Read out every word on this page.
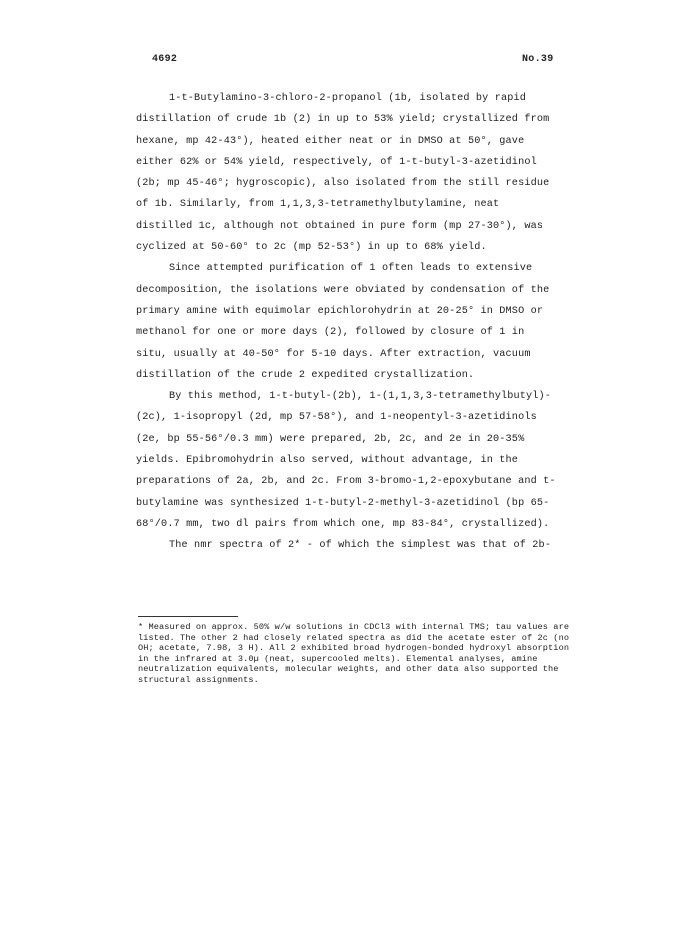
4692	No.39

1-t-Butylamino-3-chloro-2-propanol (1b, isolated by rapid distillation of crude 1b (2) in up to 53% yield; crystallized from hexane, mp 42-43°), heated either neat or in DMSO at 50°, gave either 62% or 54% yield, respectively, of 1-t-butyl-3-azetidinol (2b; mp 45-46°; hygroscopic), also isolated from the still residue of 1b. Similarly, from 1,1,3,3-tetramethylbutylamine, neat distilled 1c, although not obtained in pure form (mp 27-30°), was cyclized at 50-60° to 2c (mp 52-53°) in up to 68% yield.

Since attempted purification of 1 often leads to extensive decomposition, the isolations were obviated by condensation of the primary amine with equimolar epichlorohydrin at 20-25° in DMSO or methanol for one or more days (2), followed by closure of 1 in situ, usually at 40-50° for 5-10 days. After extraction, vacuum distillation of the crude 2 expedited crystallization.

By this method, 1-t-butyl-(2b), 1-(1,1,3,3-tetramethylbutyl)-(2c), 1-isopropyl (2d, mp 57-58°), and 1-neopentyl-3-azetidinols (2e, bp 55-56°/0.3 mm) were prepared, 2b, 2c, and 2e in 20-35% yields. Epibromohydrin also served, without advantage, in the preparations of 2a, 2b, and 2c. From 3-bromo-1,2-epoxybutane and t-butylamine was synthesized 1-t-butyl-2-methyl-3-azetidinol (bp 65-68°/0.7 mm, two dl pairs from which one, mp 83-84°, crystallized).

The nmr spectra of 2* - of which the simplest was that of 2b-

* Measured on approx. 50% w/w solutions in CDCl3 with internal TMS; tau values are listed. The other 2 had closely related spectra as did the acetate ester of 2c (no OH; acetate, 7.98, 3 H). All 2 exhibited broad hydrogen-bonded hydroxyl absorption in the infrared at 3.0µ (neat, supercooled melts). Elemental analyses, amine neutralization equivalents, molecular weights, and other data also supported the structural assignments.
